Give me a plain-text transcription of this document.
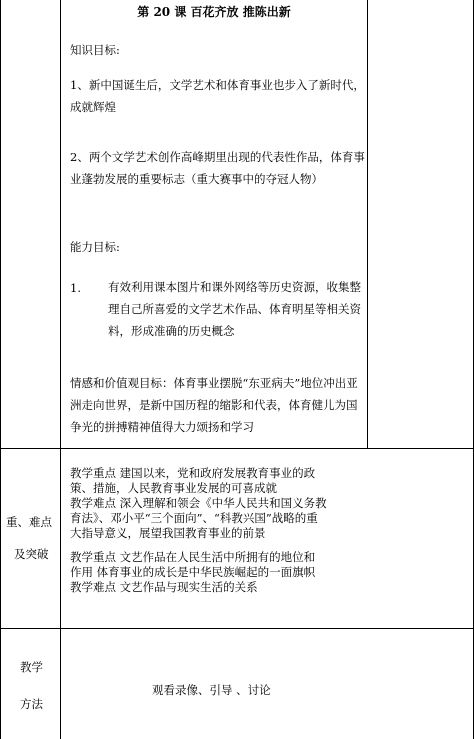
第 20 课 百花齐放 推陈出新
知识目标:
1、新中国诞生后，文学艺术和体育事业也步入了新时代，成就辉煌
2、两个文学艺术创作高峰期里出现的代表性作品，体育事业蓬勃发展的重要标志（重大赛事中的夺冠人物）
能力目标:
1. 有效利用课本图片和课外网络等历史资源，收集整理自己所喜爱的文学艺术作品、体育明星等相关资料，形成准确的历史概念
情感和价值观目标：体育事业摆脱“东亚病夫”地位冲出亚洲走向世界，是新中国历程的缩影和代表，体育健儿为国争光的拼搏精神值得大力颂扬和学习
重、难点
及突破
教学重点 建国以来，党和政府发展教育事业的政
策、措施，人民教育事业发展的可喜成就
教学难点 深入理解和领会《中华人民共和国义务教
育法》、邓小平“三个面向”、“科教兴国”战略的重
大指导意义，展望我国教育事业的前景
教学重点 文艺作品在人民生活中所拥有的地位和
作用 体育事业的成长是中华民族崛起的一面旗帜
教学难点 文艺作品与现实生活的关系
教学
方法
观看录像、引导 、讨论
